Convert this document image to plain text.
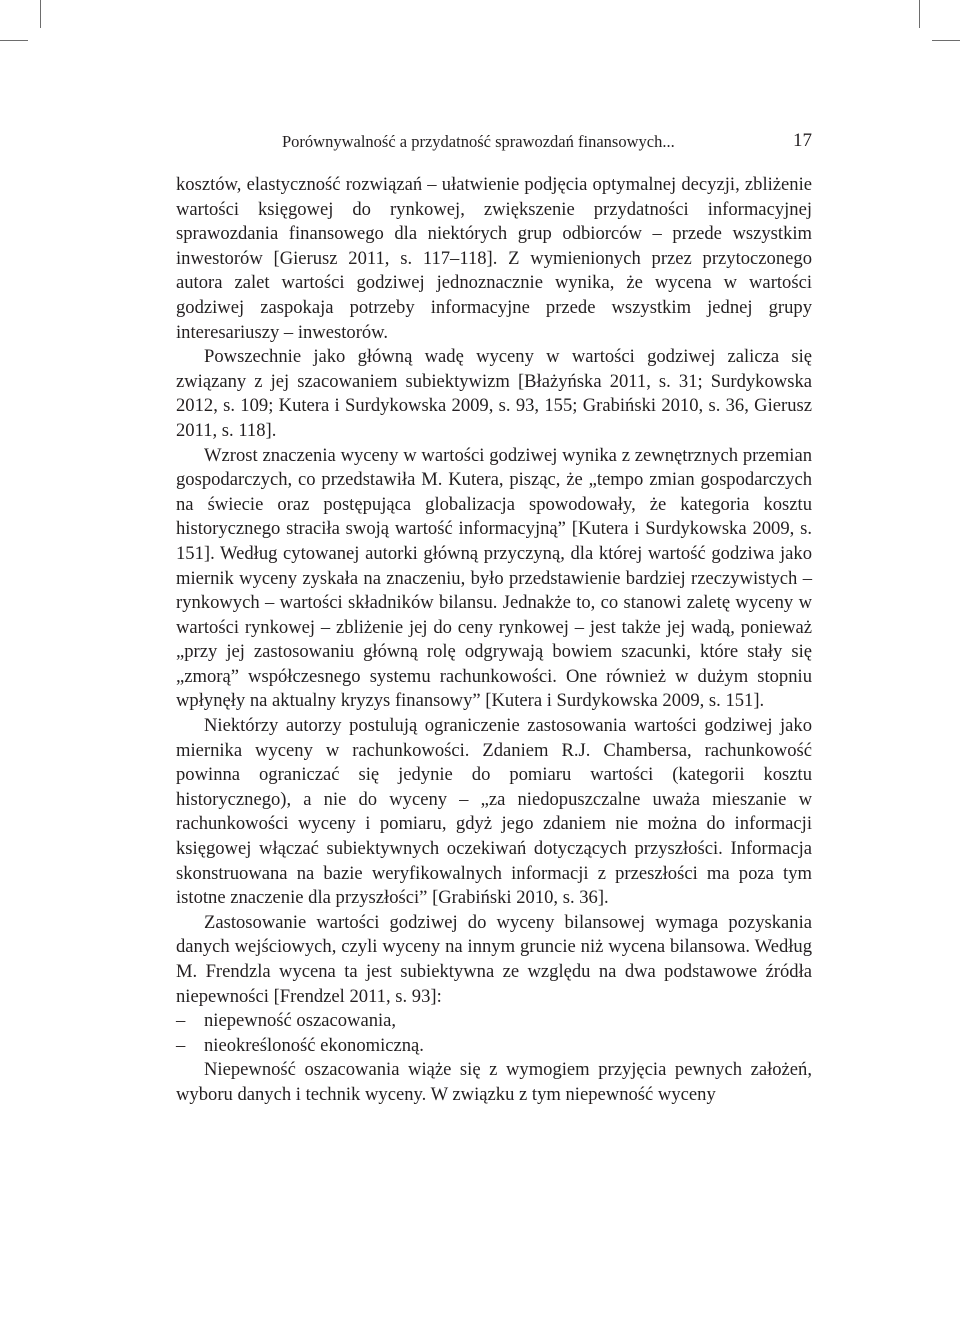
Porównywalność a przydatność sprawozdań finansowych...	17

kosztów, elastyczność rozwiązań – ułatwienie podjęcia optymalnej decyzji, zbliżenie wartości księgowej do rynkowej, zwiększenie przydatności informacyjnej sprawozdania finansowego dla niektórych grup odbiorców – przede wszystkim inwestorów [Gierusz 2011, s. 117–118]. Z wymienionych przez przytoczonego autora zalet wartości godziwej jednoznacznie wynika, że wycena w wartości godziwej zaspokaja potrzeby informacyjne przede wszystkim jednej grupy interesariuszy – inwestorów.

Powszechnie jako główną wadę wyceny w wartości godziwej zalicza się związany z jej szacowaniem subiektywizm [Błażyńska 2011, s. 31; Surdykowska 2012, s. 109; Kutera i Surdykowska 2009, s. 93, 155; Grabiński 2010, s. 36, Gierusz 2011, s. 118].

Wzrost znaczenia wyceny w wartości godziwej wynika z zewnętrznych przemian gospodarczych, co przedstawiła M. Kutera, pisząc, że „tempo zmian gospodarczych na świecie oraz postępująca globalizacja spowodowały, że kategoria kosztu historycznego straciła swoją wartość informacyjną” [Kutera i Surdykowska 2009, s. 151]. Według cytowanej autorki główną przyczyną, dla której wartość godziwa jako miernik wyceny zyskała na znaczeniu, było przedstawienie bardziej rzeczywistych – rynkowych – wartości składników bilansu. Jednakże to, co stanowi zaletę wyceny w wartości rynkowej – zbliżenie jej do ceny rynkowej – jest także jej wadą, ponieważ „przy jej zastosowaniu główną rolę odgrywają bowiem szacunki, które stały się „zmorą” współczesnego systemu rachunkowości. One również w dużym stopniu wpłynęły na aktualny kryzys finansowy” [Kutera i Surdykowska 2009, s. 151].

Niektórzy autorzy postulują ograniczenie zastosowania wartości godziwej jako miernika wyceny w rachunkowości. Zdaniem R.J. Chambersa, rachunkowość powinna ograniczać się jedynie do pomiaru wartości (kategorii kosztu historycznego), a nie do wyceny – „za niedopuszczalne uważa mieszanie w rachunkowości wyceny i pomiaru, gdyż jego zdaniem nie można do informacji księgowej włączać subiektywnych oczekiwań dotyczących przyszłości. Informacja skonstruowana na bazie weryfikowalnych informacji z przeszłości ma poza tym istotne znaczenie dla przyszłości” [Grabiński 2010, s. 36].

Zastosowanie wartości godziwej do wyceny bilansowej wymaga pozyskania danych wejściowych, czyli wyceny na innym gruncie niż wycena bilansowa. Według M. Frendzla wycena ta jest subiektywna ze względu na dwa podstawowe źródła niepewności [Frendzel 2011, s. 93]:

– niepewność oszacowania,
– nieokreśloność ekonomiczną.

Niepewność oszacowania wiąże się z wymogiem przyjęcia pewnych założeń, wyboru danych i technik wyceny. W związku z tym niepewność wyceny
